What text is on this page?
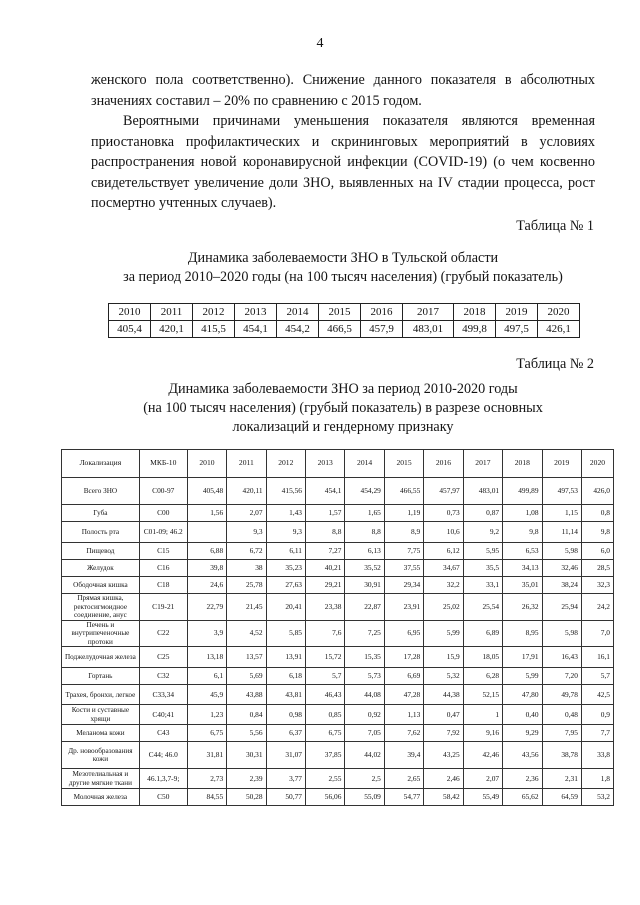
4

женского пола соответственно). Снижение данного показателя в абсолютных значениях составил – 20% по сравнению с 2015 годом.

Вероятными причинами уменьшения показателя являются временная приостановка профилактических и скрининговых мероприятий в условиях распространения новой коронавирусной инфекции (COVID-19) (о чем косвенно свидетельствует увеличение доли ЗНО, выявленных на IV стадии процесса, рост посмертно учтенных случаев).

Таблица № 1
Динамика заболеваемости ЗНО в Тульской области
за период 2010–2020 годы (на 100 тысяч населения) (грубый показатель)
2010	2011	2012	2013	2014	2015	2016	2017	2018	2019	2020
405,4	420,1	415,5	454,1	454,2	466,5	457,9	483,01	499,8	497,5	426,1
Таблица № 2
Динамика заболеваемости ЗНО за период 2010-2020 годы
(на 100 тысяч населения) (грубый показатель) в разрезе основных
локализаций и гендерному признаку
Локализация	МКБ-10	2010	2011	2012	2013	2014	2015	2016	2017	2018	2019	2020
Всего ЗНО	С00-97	405,48	420,11	415,56	454,1	454,29	466,55	457,97	483,01	499,89	497,53	426,0
Губа	С00	1,56	2,07	1,43	1,57	1,65	1,19	0,73	0,87	1,08	1,15	0,8
Полость рта	С01-09; 46.2		9,3	9,3	8,8	8,8	8,9	10,6	9,2	9,8	11,14	9,8
Пищевод	С15	6,88	6,72	6,11	7,27	6,13	7,75	6,12	5,95	6,53	5,98	6,0
Желудок	С16	39,8	38	35,23	40,21	35,52	37,55	34,67	35,5	34,13	32,46	28,5
Ободочная кишка	С18	24,6	25,78	27,63	29,21	30,91	29,34	32,2	33,1	35,01	38,24	32,3
Прямая кишка, ректосигмоидное соединение, анус	С19-21	22,79	21,45	20,41	23,38	22,87	23,91	25,02	25,54	26,32	25,94	24,2
Печень и внутрипеченочные протоки	С22	3,9	4,52	5,85	7,6	7,25	6,95	5,99	6,89	8,95	5,98	7,0
Поджелудочная железа	С25	13,18	13,57	13,91	15,72	15,35	17,28	15,9	18,05	17,91	16,43	16,1
Гортань	С32	6,1	5,69	6,18	5,7	5,73	6,69	5,32	6,28	5,99	7,20	5,7
Трахея, бронхи, легкое	С33,34	45,9	43,88	43,81	46,43	44,08	47,28	44,38	52,15	47,80	49,78	42,5
Кости и суставные хрящи	С40;41	1,23	0,84	0,98	0,85	0,92	1,13	0,47	1	0,40	0,48	0,9
Меланома кожи	С43	6,75	5,56	6,37	6,75	7,05	7,62	7,92	9,16	9,29	7,95	7,7
Др. новообразования кожи	С44; 46.0	31,81	30,31	31,07	37,85	44,02	39,4	43,25	42,46	43,56	38,78	33,8
Мезотелиальная и другие мягкие ткани	46.1,3,7-9;	2,73	2,39	3,77	2,55	2,5	2,65	2,46	2,07	2,36	2,31	1,8
Молочная железа	С50	84,55	50,28	50,77	56,06	55,09	54,77	58,42	55,49	65,62	64,59	53,2
